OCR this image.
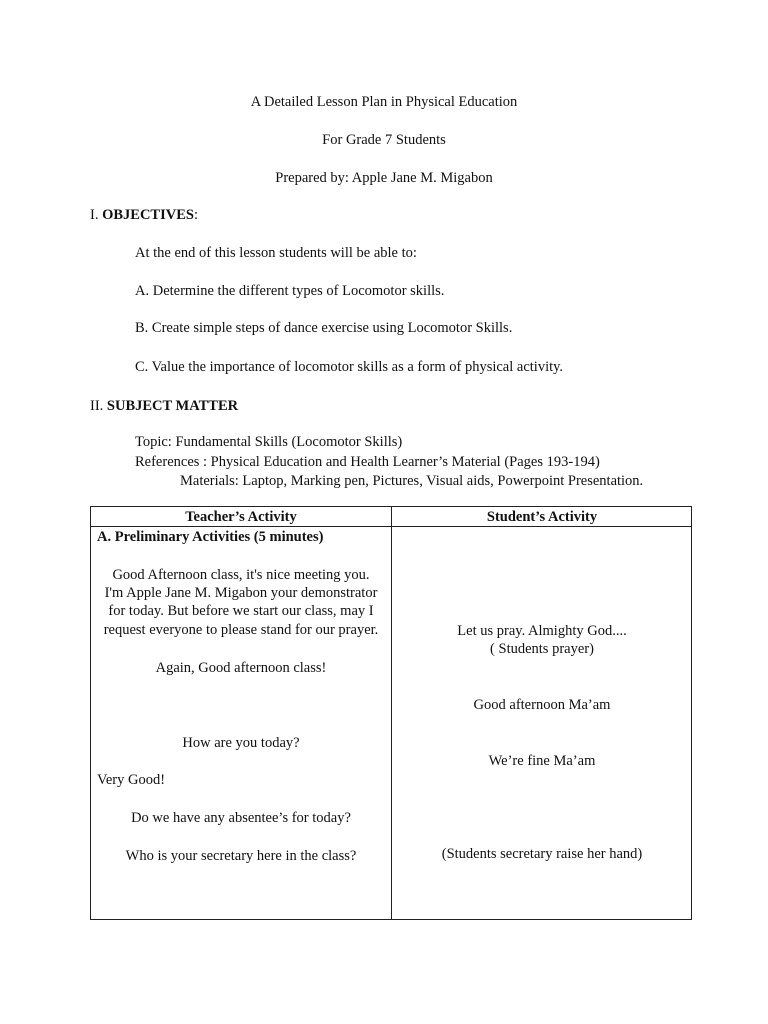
A Detailed Lesson Plan in Physical Education
For Grade 7 Students
Prepared by: Apple Jane M. Migabon
I. OBJECTIVES:
At the end of this lesson students will be able to:
A. Determine the different types of Locomotor skills.
B. Create simple steps of dance exercise using Locomotor Skills.
C. Value the importance of locomotor skills as a form of physical activity.
II. SUBJECT MATTER
Topic: Fundamental Skills (Locomotor Skills)
References : Physical Education and Health Learner’s Material (Pages 193-194)
Materials: Laptop, Marking pen, Pictures, Visual aids, Powerpoint Presentation.
Teacher’s Activity	Student’s Activity
A. Preliminary Activities (5 minutes)
Good Afternoon class, it's nice meeting you.
I'm Apple Jane M. Migabon your demonstrator
for today. But before we start our class, may I
request everyone to please stand for our prayer.
Again, Good afternoon class!
How are you today?
Very Good!
Do we have any absentee’s for today?
Who is your secretary here in the class?
Let us pray. Almighty God....
( Students prayer)
Good afternoon Ma’am
We’re fine Ma’am
(Students secretary raise her hand)
